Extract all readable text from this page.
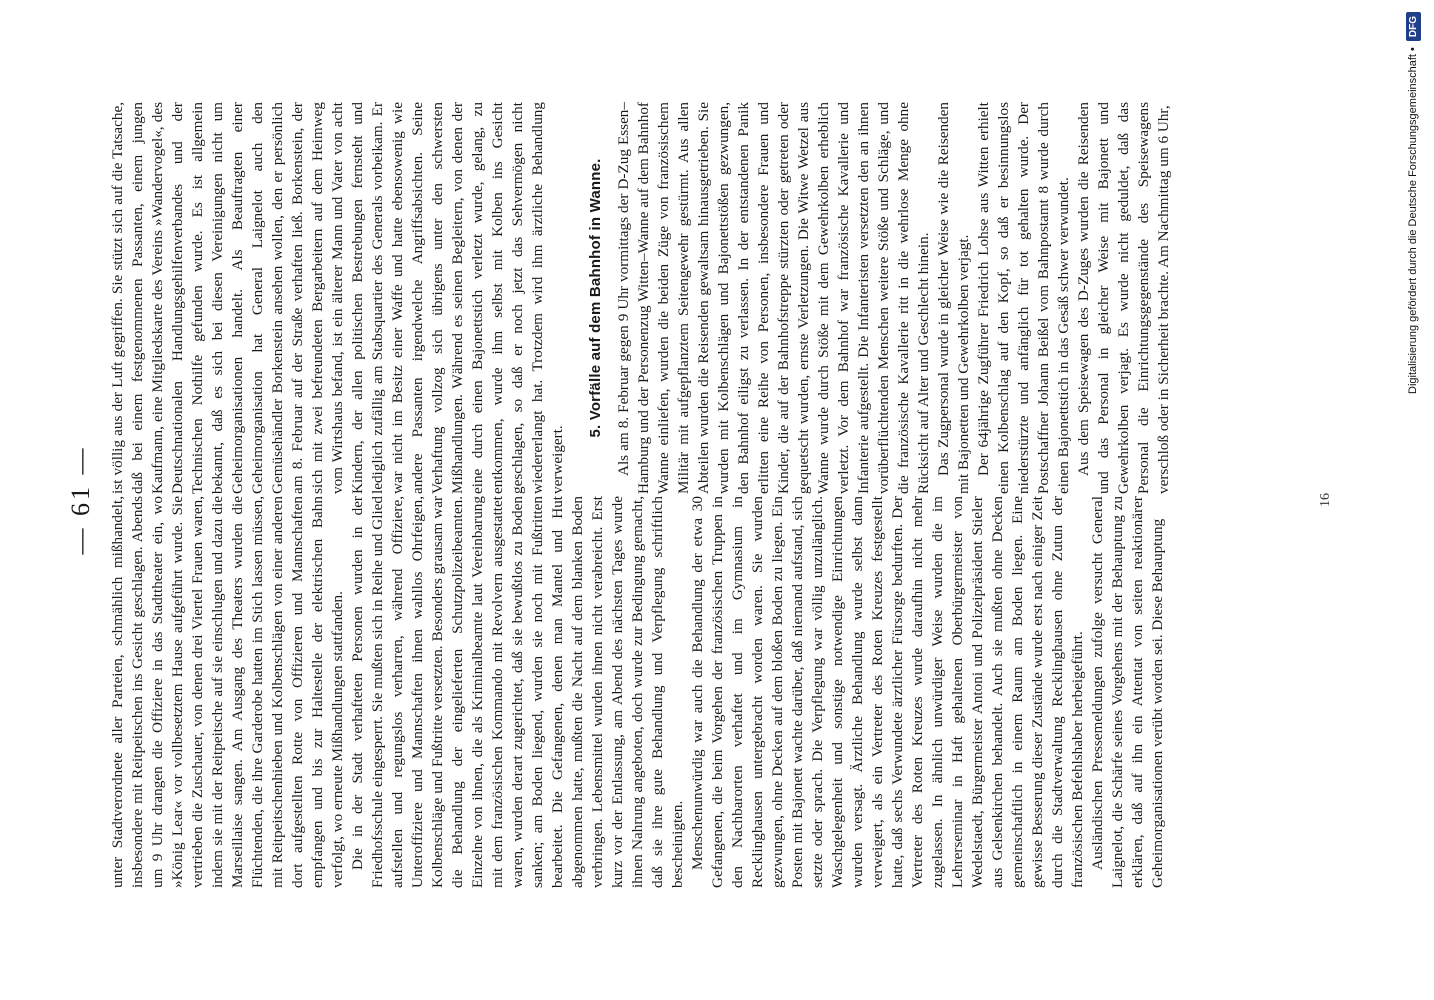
— 61 — unter Stadtverordnete aller Parteien, schmählich mißhandelt, insbesondere mit Reitpeitschen ins Gesicht geschlagen. Abends um 9 Uhr drangen die Offiziere in das Stadttheater ein, wo »König Lear« vor vollbesetztem Hause aufgeführt wurde. Sie vertrieben die Zuschauer, von denen drei Viertel Frauen waren, indem sie mit der Reitpeitsche auf sie einschlugen und dazu die Marseillaise sangen. Am Ausgang des Theaters wurden die Flüchtenden, die ihre Garderobe hatten im Stich lassen müssen, mit Reitpeitschenhieben und Kolbenschlägen von einer anderen dort aufgestellten Rotte von Offizieren und Mannschaften empfangen und bis zur Haltestelle der elektrischen Bahn verfolgt, wo erneute Mißhandlungen stattfanden. Die in der Stadt verhafteten Personen wurden in der Friedhofsschule eingesperrt. Sie mußten sich in Reihe und Glied aufstellen und regungslos verharren, während Offiziere, Unteroffiziere und Mannschaften ihnen wahllos Ohrfeigen, Kolbenschläge und Fußtritte versetzten. Besonders grausam war die Behandlung der eingelieferten Schutzpolizeibeamten. Einzelne von ihnen, die als Kriminalbeamte laut Vereinbarung mit dem französischen Kommando mit Revolvern ausgestattet waren, wurden derart zugerichtet, daß sie bewußtlos zu Boden sanken; am Boden liegend, wurden sie noch mit Fußtritten bearbeitet. Die Gefangenen, denen man Mantel und Hut abgenommen hatte, mußten die Nacht auf dem blanken Boden verbringen. Lebensmittel wurden ihnen nicht verabreicht. Erst kurz vor der Entlassung, am Abend des nächsten Tages wurde ihnen Nahrung angeboten, doch wurde zur Bedingung gemacht, daß sie ihre gute Behandlung und Verpflegung schriftlich bescheinigten. Menschenunwürdig war auch die Behandlung der etwa 30 Gefangenen, die beim Vorgehen der französischen Truppen in den Nachbarorten verhaftet und im Gymnasium in Recklinghausen untergebracht worden waren. Sie wurden gezwungen, ohne Decken auf dem bloßen Boden zu liegen. Ein Posten mit Bajonett wachte darüber, daß niemand aufstand, sich setzte oder sprach. Die Verpflegung war völlig unzulänglich. Waschgelegenheit und sonstige notwendige Einrichtungen wurden versagt. Ärztliche Behandlung wurde selbst dann verweigert, als ein Vertreter des Roten Kreuzes festgestellt hatte, daß sechs Verwundete ärztlicher Fürsorge bedurften. Der Vertreter des Roten Kreuzes wurde daraufhin nicht mehr zugelassen. In ähnlich unwürdiger Weise wurden die im Lehrerseminar in Haft gehaltenen Oberbürgermeister von Wedelstaedt, Bürgermeister Antoni und Polizeipräsident Stieler aus Gelsenkirchen behandelt. Auch sie mußten ohne Decken gemeinschaftlich in einem Raum am Boden liegen. Eine gewisse Besserung dieser Zustände wurde erst nach einiger Zeit durch die Stadtverwaltung Recklinghausen ohne Zutun der französischen Befehlshaber herbeigeführt. Ausländischen Pressemeldungen zufolge versucht General Laignelot, die Schärfe seines Vorgehens mit der Behauptung zu erklären, daß auf ihn ein Attentat von seiten reaktionärer Geheimorganisationen verübt worden sei. Diese Behauptung

ist völlig aus der Luft gegriffen. Sie stützt sich auf die Tatsache, daß bei einem festgenommenen Passanten, einem jungen Kaufmann, eine Mitgliedskarte des Vereins »Wandervogel«, des Deutschnationalen Handlungsgehilfenverbandes und der Technischen Nothilfe gefunden wurde. Es ist allgemein bekannt, daß es sich bei diesen Vereinigungen nicht um Geheimorganisationen handelt. Als Beauftragten einer Geheimorganisation hat General Laignelot auch den Gemüsehändler Borkenstein ansehen wollen, den er persönlich am 8. Februar auf der Straße verhaften ließ. Borkenstein, der sich mit zwei befreundeten Bergarbeitern auf dem Heimweg vom Wirtshaus befand, ist ein älterer Mann und Vater von acht Kindern, der allen politischen Bestrebungen fernsteht und lediglich zufällig am Stabsquartier des Generals vorbeikam. Er war nicht im Besitz einer Waffe und hatte ebensowenig wie andere Passanten irgendwelche Angriffsabsichten. Seine Verhaftung vollzog sich übrigens unter den schwersten Mißhandlungen. Während es seinen Begleitern, von denen der eine durch einen Bajonettstich verletzt wurde, gelang, zu entkommen, wurde ihm selbst mit Kolben ins Gesicht geschlagen, so daß er noch jetzt das Sehvermögen nicht wiedererlangt hat. Trotzdem wird ihm ärztliche Behandlung verweigert.

5. Vorfälle auf dem Bahnhof in Wanne. Als am 8. Februar gegen 9 Uhr vormittags der D-Zug Essen–Hamburg und der Personenzug Witten–Wanne auf dem Bahnhof Wanne einliefen, wurden die beiden Züge von französischem Militär mit aufgepflanztem Seitengewehr gestürmt. Aus allen Abteilen wurden die Reisenden gewaltsam hinausgetrieben. Sie wurden mit Kolbenschlägen und Bajonettstößen gezwungen, den Bahnhof eiligst zu verlassen. In der entstandenen Panik erlitten eine Reihe von Personen, insbesondere Frauen und Kinder, die auf der Bahnhofstreppe stürzten oder getreten oder gequetscht wurden, ernste Verletzungen. Die Witwe Wetzel aus Wanne wurde durch Stöße mit dem Gewehrkolben erheblich verletzt. Vor dem Bahnhof war französische Kavallerie und Infanterie aufgestellt. Die Infanteristen versetzten den an ihnen vorüberflüchtenden Menschen weitere Stöße und Schläge, und die französische Kavallerie ritt in die wehrlose Menge ohne Rücksicht auf Alter und Geschlecht hinein. Das Zugpersonal wurde in gleicher Weise wie die Reisenden mit Bajonetten und Gewehrkolben verjagt. Der 64jährige Zugführer Friedrich Lohse aus Witten erhielt einen Kolbenschlag auf den Kopf, so daß er besinnungslos niederstürzte und anfänglich für tot gehalten wurde. Der Postschaffner Johann Beißel vom Bahnpostamt 8 wurde durch einen Bajonettstich in das Gesäß schwer verwundet. Aus dem Speisewagen des D-Zuges wurden die Reisenden und das Personal in gleicher Weise mit Bajonett und Gewehrkolben verjagt. Es wurde nicht geduldet, daß das Personal die Einrichtungsgegenstände des Speisewagens verschloß oder in Sicherheit brachte. Am Nachmittag um 6 Uhr,

16
Digitalisierung gefördert durch die Deutsche Forschungsgemeinschaft •
DFG
